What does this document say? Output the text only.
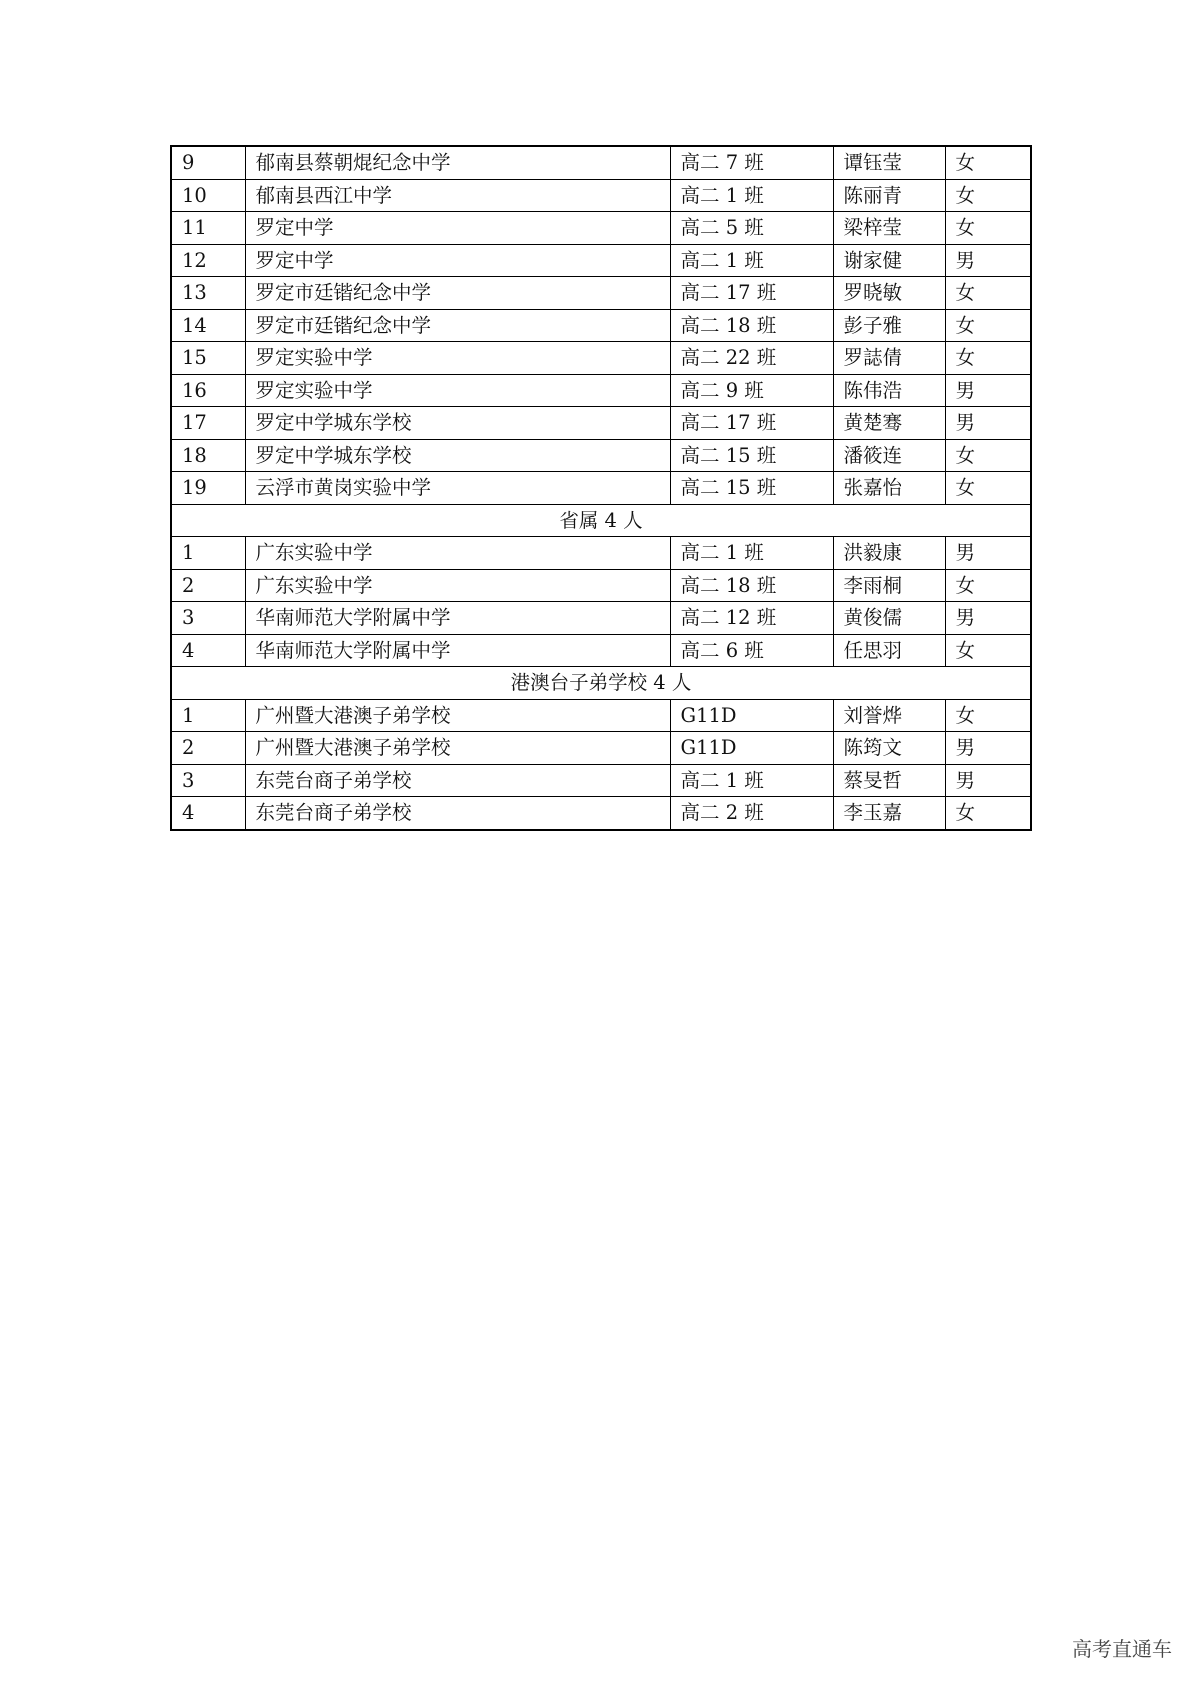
9	郁南县蔡朝焜纪念中学	高二 7 班	谭钰莹	女
10	郁南县西江中学	高二 1 班	陈丽青	女
11	罗定中学	高二 5 班	梁梓莹	女
12	罗定中学	高二 1 班	谢家健	男
13	罗定市廷锴纪念中学	高二 17 班	罗晓敏	女
14	罗定市廷锴纪念中学	高二 18 班	彭子雅	女
15	罗定实验中学	高二 22 班	罗誌倩	女
16	罗定实验中学	高二 9 班	陈伟浩	男
17	罗定中学城东学校	高二 17 班	黄楚骞	男
18	罗定中学城东学校	高二 15 班	潘筱连	女
19	云浮市黄岗实验中学	高二 15 班	张嘉怡	女
省属 4 人				
1	广东实验中学	高二 1 班	洪毅康	男
2	广东实验中学	高二 18 班	李雨桐	女
3	华南师范大学附属中学	高二 12 班	黄俊儒	男
4	华南师范大学附属中学	高二 6 班	任思羽	女
港澳台子弟学校 4 人				
1	广州暨大港澳子弟学校	G11D	刘誉烨	女
2	广州暨大港澳子弟学校	G11D	陈筠文	男
3	东莞台商子弟学校	高二 1 班	蔡旻哲	男
4	东莞台商子弟学校	高二 2 班	李玉嘉	女
高考直通车
